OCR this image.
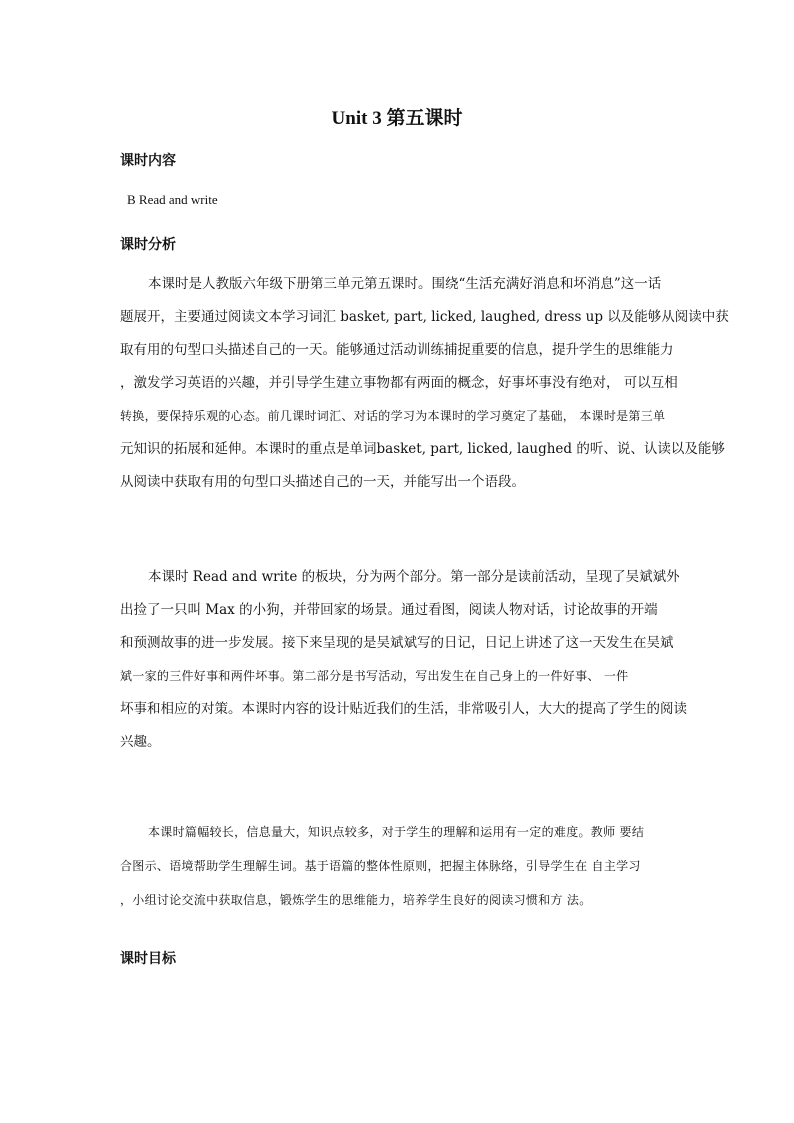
Unit 3 第五课时
课时内容
B Read and write
课时分析
本课时是人教版六年级下册第三单元第五课时。围绕“生活充满好消息和坏消息”这一话
题展开，主要通过阅读文本学习词汇 basket, part, licked, laughed, dress up 以及能够从阅读中获
取有用的句型口头描述自己的一天。能够通过活动训练捕捉重要的信息，提升学生的思维能力
，激发学习英语的兴趣，并引导学生建立事物都有两面的概念，好事坏事没有绝对， 可以互相
转换，要保持乐观的心态。前几课时词汇、对话的学习为本课时的学习奠定了基础， 本课时是第三单
元知识的拓展和延伸。本课时的重点是单词basket, part, licked, laughed 的听、说、认读以及能够
从阅读中获取有用的句型口头描述自己的一天，并能写出一个语段。
本课时 Read and write 的板块，分为两个部分。第一部分是读前活动，呈现了吴斌斌外
出捡了一只叫 Max 的小狗，并带回家的场景。通过看图，阅读人物对话，讨论故事的开端
和预测故事的进一步发展。接下来呈现的是吴斌斌写的日记，日记上讲述了这一天发生在吴斌
斌一家的三件好事和两件坏事。第二部分是书写活动，写出发生在自己身上的一件好事、 一件
坏事和相应的对策。本课时内容的设计贴近我们的生活，非常吸引人，大大的提高了学生的阅读
兴趣。
本课时篇幅较长，信息量大，知识点较多，对于学生的理解和运用有一定的难度。教师 要结
合图示、语境帮助学生理解生词。基于语篇的整体性原则，把握主体脉络，引导学生在 自主学习
，小组讨论交流中获取信息，锻炼学生的思维能力，培养学生良好的阅读习惯和方 法。
课时目标
